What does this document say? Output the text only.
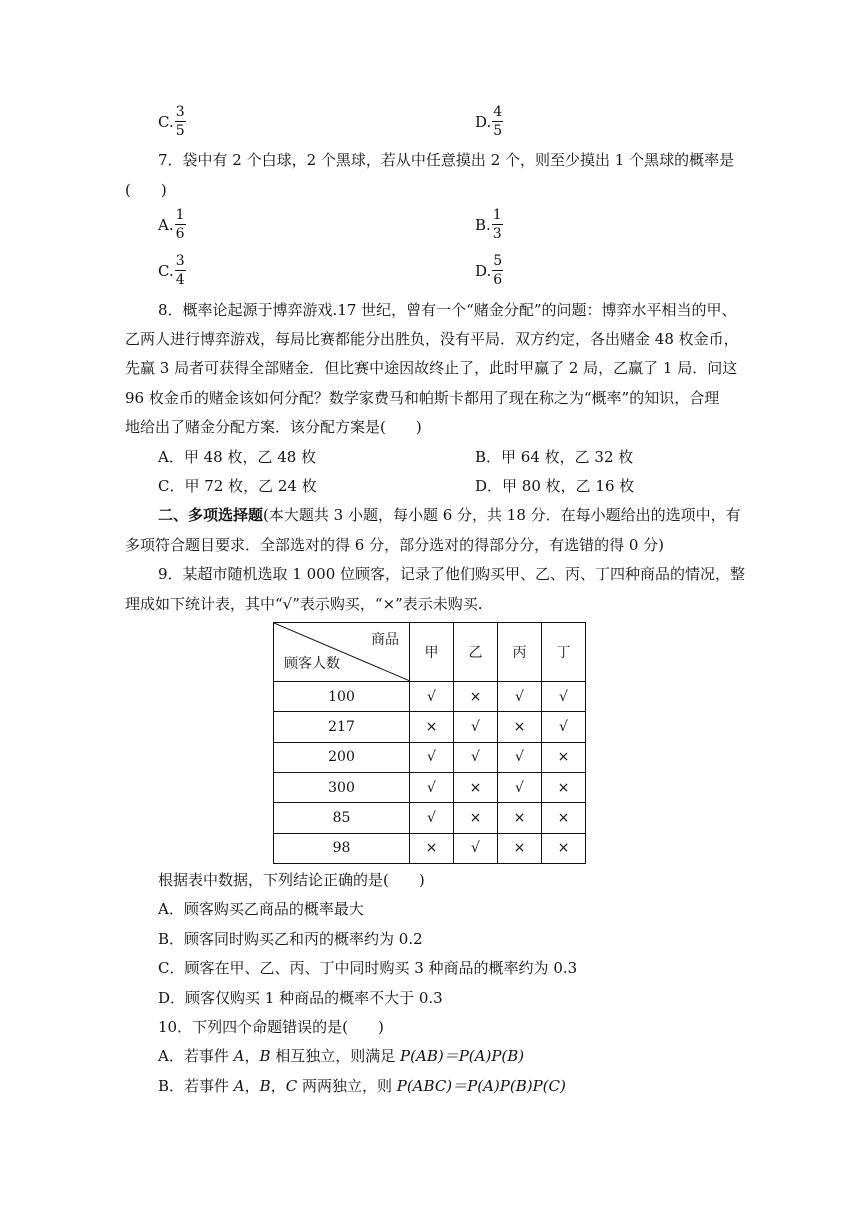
C. $\frac{3}{5}$	D. $\frac{4}{5}$
7．袋中有 2 个白球，2 个黑球，若从中任意摸出 2 个，则至少摸出 1 个黑球的概率是
(　　)
A. $\frac{1}{6}$	B. $\frac{1}{3}$
C. $\frac{3}{4}$	D. $\frac{5}{6}$
8．概率论起源于博弈游戏.17 世纪，曾有一个“赌金分配”的问题：博弈水平相当的甲、
乙两人进行博弈游戏，每局比赛都能分出胜负，没有平局．双方约定，各出赌金 48 枚金币，
先赢 3 局者可获得全部赌金．但比赛中途因故终止了，此时甲赢了 2 局，乙赢了 1 局．问这
96 枚金币的赌金该如何分配？数学家费马和帕斯卡都用了现在称之为“概率”的知识，合理
地给出了赌金分配方案．该分配方案是(　　)
A．甲 48 枚，乙 48 枚	B．甲 64 枚，乙 32 枚
C．甲 72 枚，乙 24 枚	D．甲 80 枚，乙 16 枚
二、多项选择题(本大题共 3 小题，每小题 6 分，共 18 分．在每小题给出的选项中，有
多项符合题目要求．全部选对的得 6 分，部分选对的得部分分，有选错的得 0 分)
9．某超市随机选取 1 000 位顾客，记录了他们购买甲、乙、丙、丁四种商品的情况，整
理成如下统计表，其中“√”表示购买，“×”表示未购买.
商品
顾客人数	甲	乙	丙	丁
100	√	×	√	√
217	×	√	×	√
200	√	√	√	×
300	√	×	√	×
85	√	×	×	×
98	×	√	×	×
根据表中数据，下列结论正确的是(　　)
A．顾客购买乙商品的概率最大
B．顾客同时购买乙和丙的概率约为 0.2
C．顾客在甲、乙、丙、丁中同时购买 3 种商品的概率约为 0.3
D．顾客仅购买 1 种商品的概率不大于 0.3
10．下列四个命题错误的是(　　)
A．若事件 A，B 相互独立，则满足 P(AB)＝P(A)P(B)
B．若事件 A，B，C 两两独立，则 P(ABC)＝P(A)P(B)P(C)
